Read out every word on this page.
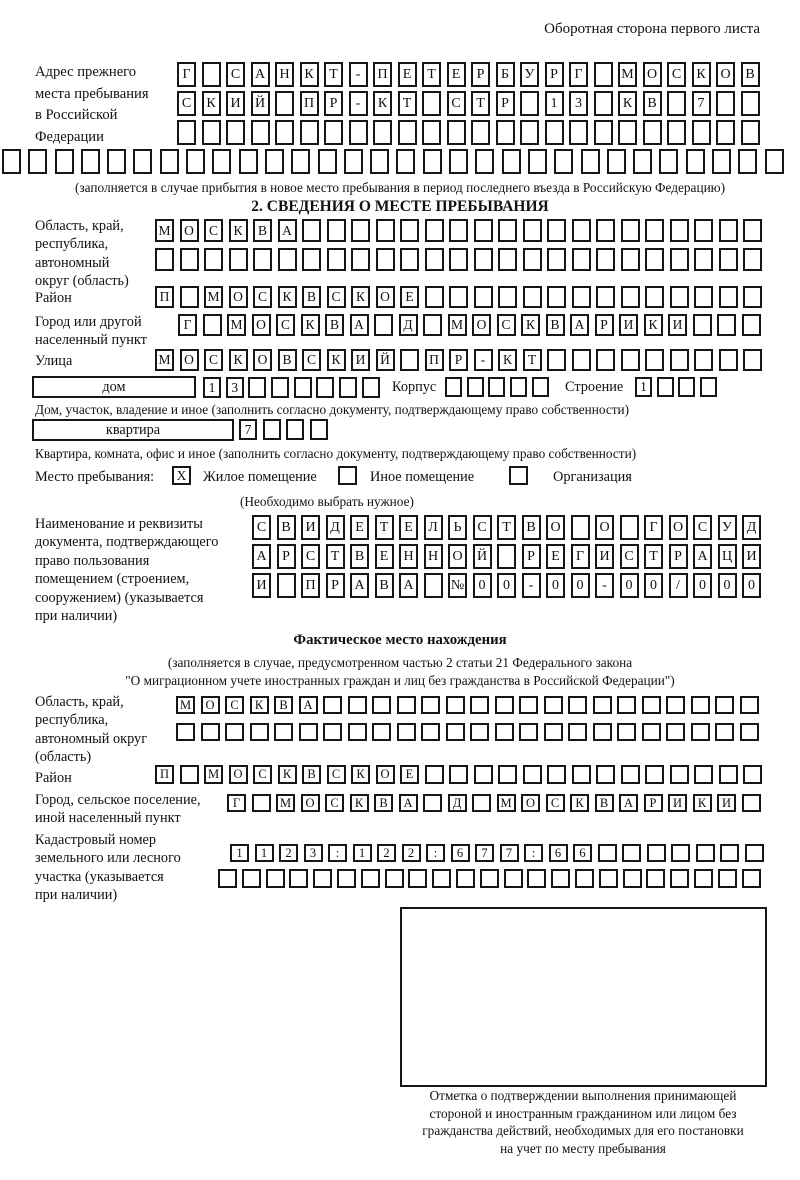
Оборотная сторона первого листа
Адрес прежнего
места пребывания
в Российской
Федерации
Г	С	А	Н	К	Т	-	П	Е	Т	Е	Р	Б	У	Р	Г	М О	С	К	О	В
С	К	И	Й	П	Р	-	К	Т	С	Т	Р	1	3	К	В	7
(заполняется в случае прибытия в новое место пребывания в период последнего въезда в Российскую Федерацию)
2. СВЕДЕНИЯ О МЕСТЕ ПРЕБЫВАНИЯ
Область, край,
республика,
автономный
округ (область)
М	О	С	К	В	А
Район	П	М	О	С	К	В	С	К	О	Е
Город или другой
населенный пункт
Г	М	О	С	К	В	А	Д	М	О	С	К	В	А	Р	И	К	И
Улица	М	О	С	К	О	В	С	К	И	Й	П	Р	-	К	Т
дом	1	3	Корпус	Строение	1
Дом, участок, владение и иное (заполнить согласно документу, подтверждающему право собственности)
квартира	7
Квартира, комната, офис и иное (заполнить согласно документу, подтверждающему право собственности)
Место пребывания:	X	Жилое помещение	Иное помещение	Организация
(Необходимо выбрать нужное)
Наименование и реквизиты
документа, подтверждающего
право пользования
помещением (строением,
сооружением) (указывается
при наличии)
С	В	И	Д	Е	Т	Е	Л	Ь	С	Т	В	О	О	Г	О	С	У	Д
А	Р	С	Т	В	Е	Н	Н	О	Й	Р	Е	Г	И	С	Т	Р	А	Ц	И
И	П	Р	А	В	А	№	0	0	-	0	0	-	0	0	/	0	0	0
Фактическое место нахождения
(заполняется в случае, предусмотренном частью 2 статьи 21 Федерального закона
"О миграционном учете иностранных граждан и лиц без гражданства в Российской Федерации")
Область, край,
республика,
автономный округ
(область)
М	О	С	К	В	А
Район	П	М	О	С	К	В	С	К	О	Е
Город, сельское поселение,
иной населенный пункт
Г	М	О	С	К	В	А	Д	М	О	С	К	В	А	Р	И	К	И
Кадастровый номер
земельного или лесного
участка (указывается
при наличии)
1	1	2	3	:	1	2	2	:	6	7	7	:	6	6
Отметка о подтверждении выполнения принимающей
стороной и иностранным гражданином или лицом без
гражданства действий, необходимых для его постановки
на учет по месту пребывания
